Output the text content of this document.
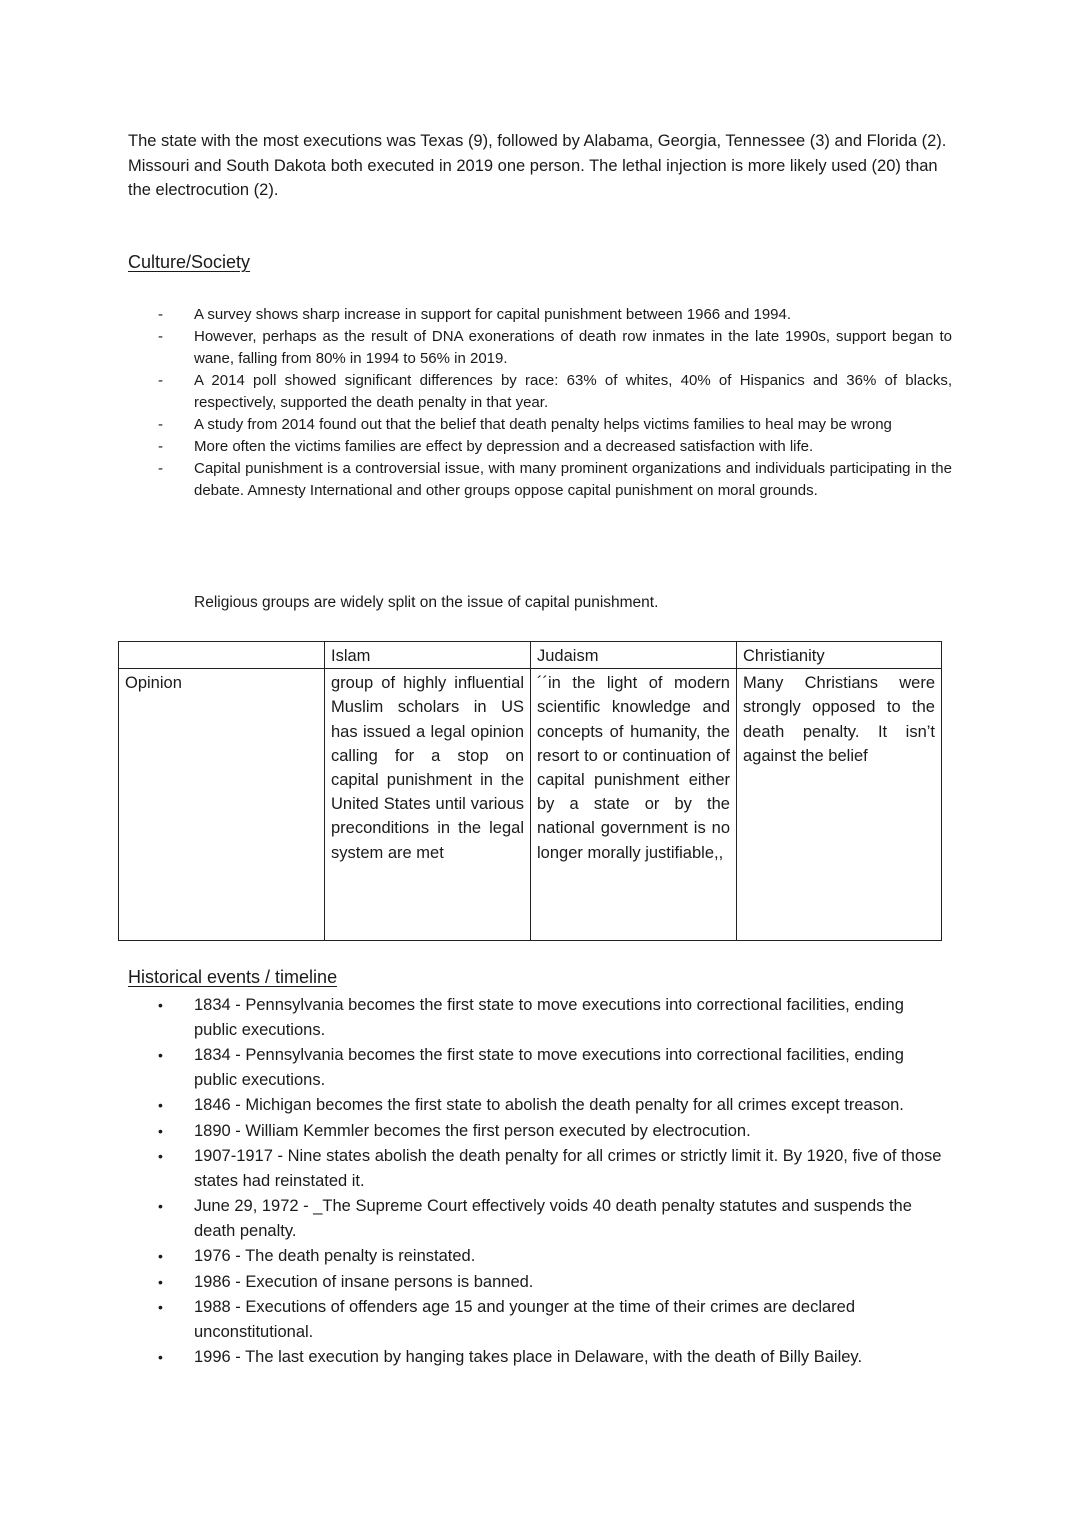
The state with the most executions was Texas (9), followed by Alabama, Georgia, Tennessee (3) and Florida (2). Missouri and South Dakota both executed in 2019 one person. The lethal injection is more likely used (20) than the electrocution (2).

Culture/Society
- A survey shows sharp increase in support for capital punishment between 1966 and 1994.
- However, perhaps as the result of DNA exonerations of death row inmates in the late 1990s, support began to wane, falling from 80% in 1994 to 56% in 2019.
- A 2014 poll showed significant differences by race: 63% of whites, 40% of Hispanics and 36% of blacks, respectively, supported the death penalty in that year.
- A study from 2014 found out that the belief that death penalty helps victims families to heal may be wrong
- More often the victims families are effect by depression and a decreased satisfaction with life.
- Capital punishment is a controversial issue, with many prominent organizations and individuals participating in the debate. Amnesty International and other groups oppose capital punishment on moral grounds.

Religious groups are widely split on the issue of capital punishment.

	Islam	Judaism	Christianity
Opinion	group of highly influential Muslim scholars in US has issued a legal opinion calling for a stop on capital punishment in the United States until various preconditions in the legal system are met	´´in the light of modern scientific knowledge and concepts of humanity, the resort to or continuation of capital punishment either by a state or by the national government is no longer morally justifiable,,	Many Christians were strongly opposed to the death penalty. It isn’t against the belief
Historical events / timeline
• 1834 - Pennsylvania becomes the first state to move executions into correctional facilities, ending public executions.
• 1834 - Pennsylvania becomes the first state to move executions into correctional facilities, ending public executions.
• 1846 - Michigan becomes the first state to abolish the death penalty for all crimes except treason.
• 1890 - William Kemmler becomes the first person executed by electrocution.
• 1907-1917 - Nine states abolish the death penalty for all crimes or strictly limit it. By 1920, five of those states had reinstated it.
• June 29, 1972 - _The Supreme Court effectively voids 40 death penalty statutes and suspends the death penalty.
• 1976 - The death penalty is reinstated.
• 1986 - Execution of insane persons is banned.
• 1988 - Executions of offenders age 15 and younger at the time of their crimes are declared unconstitutional.
• 1996 - The last execution by hanging takes place in Delaware, with the death of Billy Bailey.
